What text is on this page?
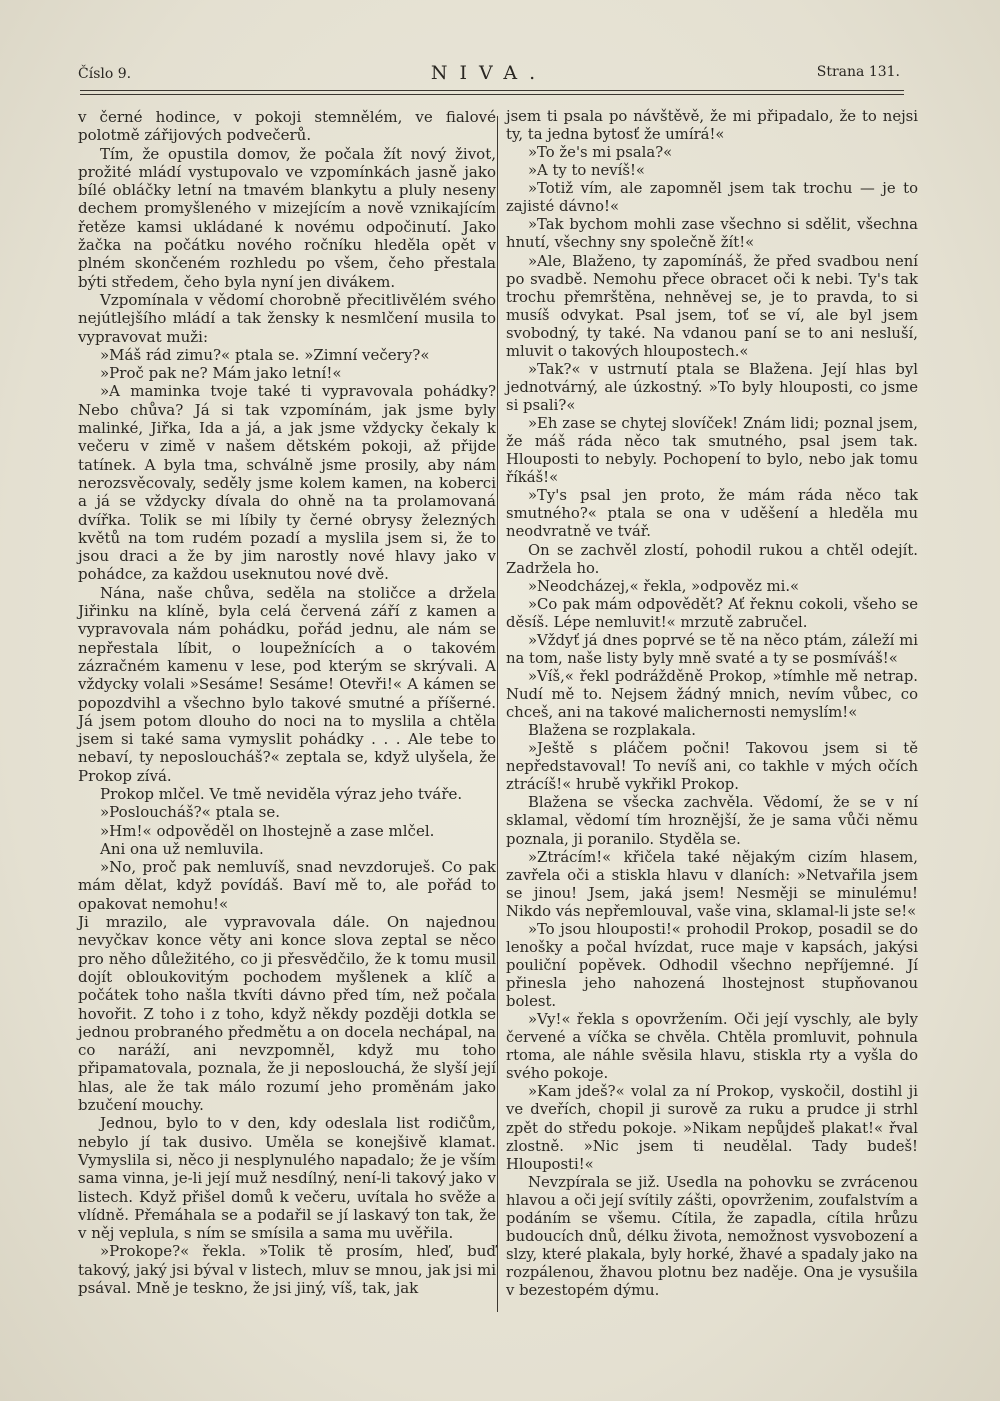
Číslo 9.	NIVA.	Strana 131.

v černé hodince, v pokoji stemnělém, ve fialové polotmě zářijových podvečerů.

Tím, že opustila domov, že počala žít nový život, prožité mládí vystupovalo ve vzpomínkách jasně jako bílé obláčky letní na tmavém blankytu a pluly neseny dechem promyšleného v mizejícím a nově vznikajícím řetěze kamsi ukládané k novému odpočinutí. Jako žačka na počátku nového ročníku hleděla opět v plném skončeném rozhledu po všem, čeho přestala býti středem, čeho byla nyní jen divákem.

Vzpomínala v vědomí chorobně přecitlivělém svého nejútlejšího mládí a tak žensky k nesmlčení musila to vypravovat muži:

»Máš rád zimu?« ptala se. »Zimní večery?«

»Proč pak ne? Mám jako letní!«

»A maminka tvoje také ti vypravovala pohádky? Nebo chůva? Já si tak vzpomínám, jak jsme byly malinké, Jiřka, Ida a já, a jak jsme vždycky čekaly k večeru v zimě v našem dětském pokoji, až přijde tatínek. A byla tma, schválně jsme prosily, aby nám nerozsvěcovaly, seděly jsme kolem kamen, na koberci a já se vždycky dívala do ohně na ta prolamovaná dvířka. Tolik se mi líbily ty černé obrysy železných květů na tom rudém pozadí a myslila jsem si, že to jsou draci a že by jim narostly nové hlavy jako v pohádce, za každou useknutou nové dvě.

Nána, naše chůva, seděla na stoličce a držela Jiřinku na klíně, byla celá červená září z kamen a vypravovala nám pohádku, pořád jednu, ale nám se nepřestala líbit, o loupežnících a o takovém zázračném kamenu v lese, pod kterým se skrývali. A vždycky volali »Sesáme! Sesáme! Otevři!« A kámen se popozdvihl a všechno bylo takové smutné a příšerné. Já jsem potom dlouho do noci na to myslila a chtěla jsem si také sama vymyslit pohádky . . . Ale tebe to nebaví, ty neposloucháš?« zeptala se, když ulyšela, že Prokop zívá.

Prokop mlčel. Ve tmě neviděla výraz jeho tváře.

»Posloucháš?« ptala se.

»Hm!« odpověděl on lhostejně a zase mlčel.

Ani ona už nemluvila.

»No, proč pak nemluvíš, snad nevzdoruješ. Co pak mám dělat, když povídáš. Baví mě to, ale pořád to opakovat nemohu!«

Ji mrazilo, ale vypravovala dále. On najednou nevyčkav konce věty ani konce slova zeptal se něco pro něho důležitého, co ji přesvědčilo, že k tomu musil dojít obloukovitým pochodem myšlenek a klíč a počátek toho našla tkvíti dávno před tím, než počala hovořit. Z toho i z toho, když někdy později dotkla se jednou probraného předmětu a on docela nechápal, na co naráží, ani nevzpomněl, když mu toho připamatovala, poznala, že ji neposlouchá, že slyší její hlas, ale že tak málo rozumí jeho proměnám jako bzučení mouchy.

Jednou, bylo to v den, kdy odeslala list rodičům, nebylo jí tak dusivo. Uměla se konejšivě klamat. Vymyslila si, něco ji nesplynulého napadalo; že je vším sama vinna, je-li její muž nesdílný, není-li takový jako v listech. Když přišel domů k večeru, uvítala ho svěže a vlídně. Přemáhala se a podařil se jí laskavý ton tak, že v něj veplula, s ním se smísila a sama mu uvěřila.

»Prokope?« řekla. »Tolik tě prosím, hleď, buď takový, jaký jsi býval v listech, mluv se mnou, jak jsi mi psával. Mně je teskno, že jsi jiný, víš, tak, jak

jsem ti psala po návštěvě, že mi připadalo, že to nejsi ty, ta jedna bytosť že umírá!«

»To že's mi psala?«

»A ty to nevíš!«

»Totiž vím, ale zapomněl jsem tak trochu — je to zajisté dávno!«

»Tak bychom mohli zase všechno si sdělit, všechna hnutí, všechny sny společně žít!«

»Ale, Blaženo, ty zapomínáš, že před svadbou není po svadbě. Nemohu přece obracet oči k nebi. Ty's tak trochu přemrštěna, nehněvej se, je to pravda, to si musíš odvykat. Psal jsem, toť se ví, ale byl jsem svobodný, ty také. Na vdanou paní se to ani nesluší, mluvit o takových hlouposteсh.«

»Tak?« v ustrnutí ptala se Blažena. Její hlas byl jednotvárný, ale úzkostný. »To byly hlouposti, co jsme si psali?«

»Eh zase se chytej slovíček! Znám lidi; poznal jsem, že máš ráda něco tak smutného, psal jsem tak. Hlouposti to nebyly. Pochopení to bylo, nebo jak tomu říkáš!«

»Ty's psal jen proto, že mám ráda něco tak smutného?« ptala se ona v uděšení a hleděla mu neodvratně ve tvář.

On se zachvěl zlostí, pohodil rukou a chtěl odejít. Zadržela ho.

»Neodcházej,« řekla, »odpověz mi.«

»Co pak mám odpovědět? Ať řeknu cokoli, všeho se děsíš. Lépe nemluvit!« mrzutě zabručel.

»Vždyť já dnes poprvé se tě na něco ptám, záleží mi na tom, naše listy byly mně svaté a ty se posmíváš!«

»Víš,« řekl podrážděně Prokop, »tímhle mě netrap. Nudí mě to. Nejsem žádný mnich, nevím vůbec, co chceš, ani na takové malichernosti nemyslím!«

Blažena se rozplakala.

»Ještě s pláčem počni! Takovou jsem si tě nepředstavoval! To nevíš ani, co takhle v mých očích ztrácíš!« hrubě vykřikl Prokop.

Blažena se všecka zachvěla. Vědomí, že se v ní sklamal, vědomí tím hroznější, že je sama vůči němu poznala, ji poranilo. Styděla se.

»Ztrácím!« křičela také nějakým cizím hlasem, zavřela oči a stiskla hlavu v dlaních: »Netvařila jsem se jinou! Jsem, jaká jsem! Nesměji se minulému! Nikdo vás nepřemlouval, vaše vina, sklamal-li jste se!«

»To jsou hlouposti!« prohodil Prokop, posadil se do lenošky a počal hvízdat, ruce maje v kapsách, jakýsi pouliční popěvek. Odhodil všechno nepříjemné. Jí přinesla jeho nahozená lhostejnost stupňovanou bolest.

»Vy!« řekla s opovržením. Oči její vyschly, ale byly červené a víčka se chvěla. Chtěla promluvit, pohnula rtoma, ale náhle svěsila hlavu, stiskla rty a vyšla do svého pokoje.

»Kam jdeš?« volal za ní Prokop, vyskočil, dostihl ji ve dveřích, chopil ji surově za ruku a prudce ji strhl zpět do středu pokoje. »Nikam nepůjdeš plakat!« řval zlostně. »Nic jsem ti neudělal. Tady budeš! Hlouposti!«

Nevzpírala se již. Usedla na pohovku se zvrácenou hlavou a oči její svítily zášti, opovrženim, zoufalstvím a podáním se všemu. Cítila, že zapadla, cítila hrůzu budoucích dnů, délku života, nemožnost vysvobození a slzy, které plakala, byly horké, žhavé a spadaly jako na rozpálenou, žhavou plotnu bez naděje. Ona je vysušila v bezestopém dýmu.
